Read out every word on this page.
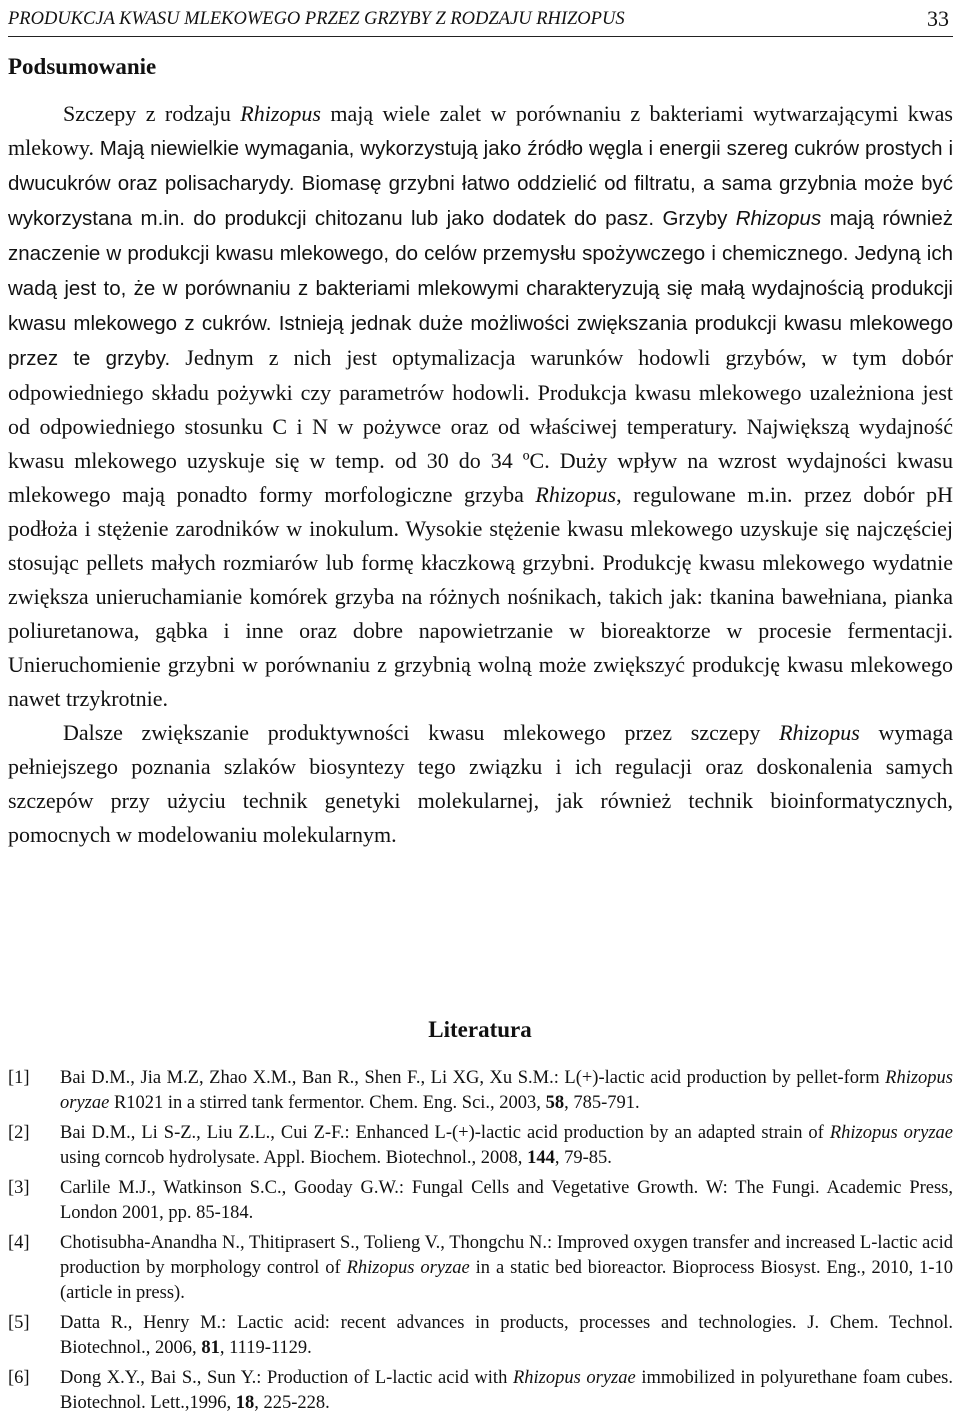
PRODUKCJA KWASU MLEKOWEGO PRZEZ GRZYBY Z RODZAJU RHIZOPUS	33
Podsumowanie

Szczepy z rodzaju Rhizopus mają wiele zalet w porównaniu z bakteriami wytwarzającymi kwas mlekowy. Mają niewielkie wymagania, wykorzystują jako źródło węgla i energii szereg cukrów prostych i dwucukrów oraz polisacharydy. Biomasę grzybni łatwo oddzielić od filtratu, a sama grzybnia może być wykorzystana m.in. do produkcji chitozanu lub jako dodatek do pasz. Grzyby Rhizopus mają również znaczenie w produkcji kwasu mlekowego, do celów przemysłu spożywczego i chemicznego. Jedyną ich wadą jest to, że w porównaniu z bakteriami mlekowymi charakteryzują się małą wydajnością produkcji kwasu mlekowego z cukrów. Istnieją jednak duże możliwości zwiększania produkcji kwasu mlekowego przez te grzyby. Jednym z nich jest optymalizacja warunków hodowli grzybów, w tym dobór odpowiedniego składu pożywki czy parametrów hodowli. Produkcja kwasu mlekowego uzależniona jest od odpowiedniego stosunku C i N w pożywce oraz od właściwej temperatury. Największą wydajność kwasu mlekowego uzyskuje się w temp. od 30 do 34 ºC. Duży wpływ na wzrost wydajności kwasu mlekowego mają ponadto formy morfologiczne grzyba Rhizopus, regulowane m.in. przez dobór pH podłoża i stężenie zarodników w inokulum. Wysokie stężenie kwasu mlekowego uzyskuje się najczęściej stosując pellets małych rozmiarów lub formę kłaczkową grzybni. Produkcję kwasu mlekowego wydatnie zwiększa unieruchamianie komórek grzyba na różnych nośnikach, takich jak: tkanina bawełniana, pianka poliuretanowa, gąbka i inne oraz dobre napowietrzanie w bioreaktorze w procesie fermentacji. Unieruchomienie grzybni w porównaniu z grzybnią wolną może zwiększyć produkcję kwasu mlekowego nawet trzykrotnie.

Dalsze zwiększanie produktywności kwasu mlekowego przez szczepy Rhizopus wymaga pełniejszego poznania szlaków biosyntezy tego związku i ich regulacji oraz doskonalenia samych szczepów przy użyciu technik genetyki molekularnej, jak również technik bioinformatycznych, pomocnych w modelowaniu molekularnym.

Literatura
[1]	Bai D.M., Jia M.Z, Zhao X.M., Ban R., Shen F., Li XG, Xu S.M.: L(+)-lactic acid production by pellet-form Rhizopus oryzae R1021 in a stirred tank fermentor. Chem. Eng. Sci., 2003, 58, 785-791.
[2]	Bai D.M., Li S-Z., Liu Z.L., Cui Z-F.: Enhanced L-(+)-lactic acid production by an adapted strain of Rhizopus oryzae using corncob hydrolysate. Appl. Biochem. Biotechnol., 2008, 144, 79-85.
[3]	Carlile M.J., Watkinson S.C., Gooday G.W.: Fungal Cells and Vegetative Growth. W: The Fungi. Academic Press, London 2001, pp. 85-184.
[4]	Chotisubha-Anandha N., Thitiprasert S., Tolieng V., Thongchu N.: Improved oxygen transfer and increased L-lactic acid production by morphology control of Rhizopus oryzae in a static bed bioreactor. Bioprocess Biosyst. Eng., 2010, 1-10 (article in press).
[5]	Datta R., Henry M.: Lactic acid: recent advances in products, processes and technologies. J. Chem. Technol. Biotechnol., 2006, 81, 1119-1129.
[6]	Dong X.Y., Bai S., Sun Y.: Production of L-lactic acid with Rhizopus oryzae immobilized in polyurethane foam cubes. Biotechnol. Lett.,1996, 18, 225-228.
